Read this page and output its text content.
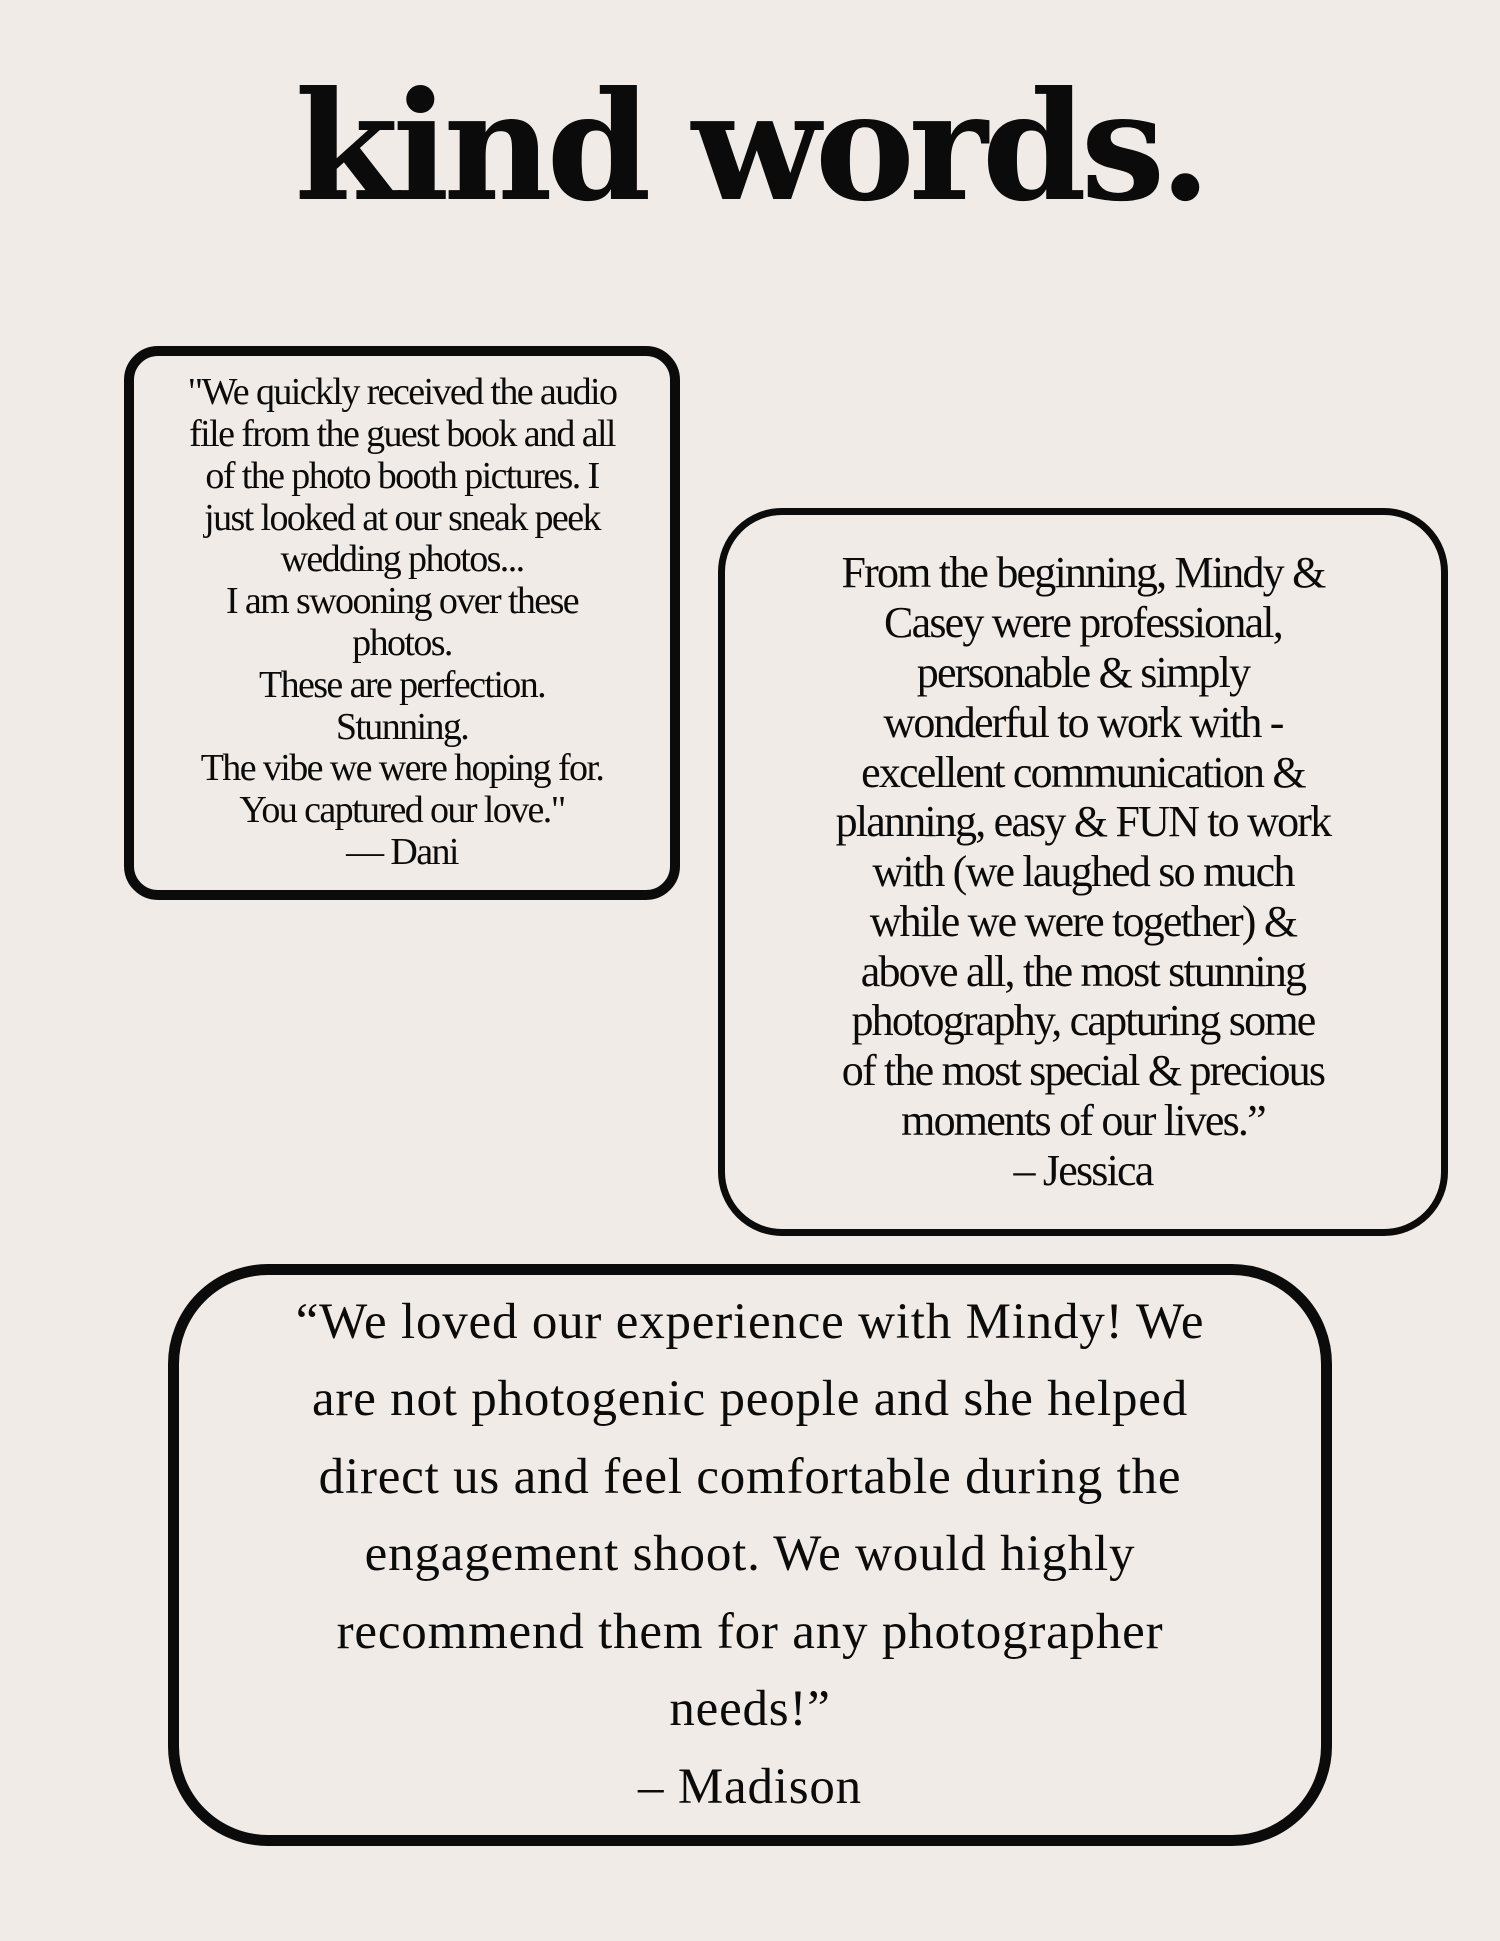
kind words.

"We quickly received the audio
file from the guest book and all
of the photo booth pictures. I
just looked at our sneak peek
wedding photos...
I am swooning over these
photos.
These are perfection.
Stunning.
The vibe we were hoping for.
You captured our love."
— Dani

From the beginning, Mindy &
Casey were professional,
personable & simply
wonderful to work with -
excellent communication &
planning, easy & FUN to work
with (we laughed so much
while we were together) &
above all, the most stunning
photography, capturing some
of the most special & precious
moments of our lives.”
– Jessica

“We loved our experience with Mindy! We
are not photogenic people and she helped
direct us and feel comfortable during the
engagement shoot. We would highly
recommend them for any photographer
needs!”
– Madison
